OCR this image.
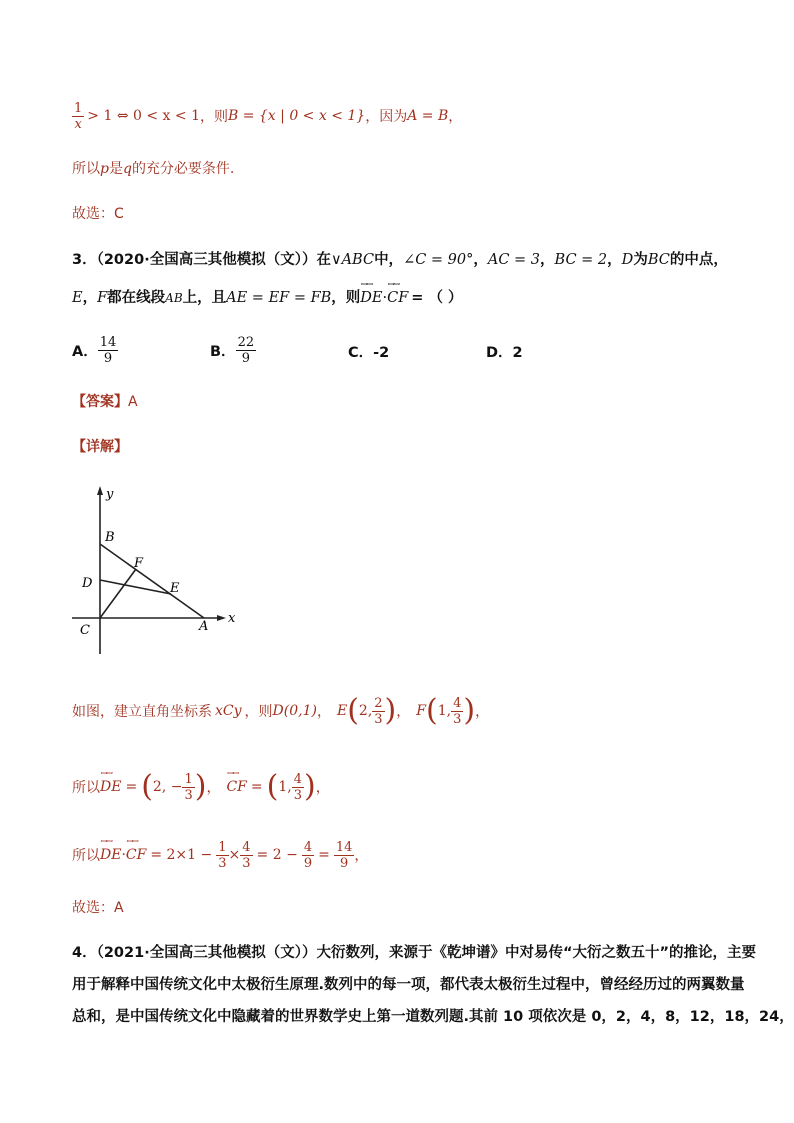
$\frac{1}{x} > 1$ ⇔ 0 < x < 1 ，则 B = {x | 0 < x < 1} ，因为 A = B ，
所以p是q的充分必要条件.
故选：C
3．（2020·全国高三其他模拟（文））在∨ABC中，∠C = 90°，AC = 3，BC = 2，D为BC的中点，
E，F都在线段AB上，且AE = EF = FB，则ꟷꟷ DE·ꟷꟷ CF = （ ）
A． $\frac{14}{9}$	B． $\frac{22}{9}$	C．-2	D．2
【答案】A
【详解】
y
x
B
F
D	E
C	A
如图，建立直角坐标系 xCy ，则 D(0,1) ， E ( 2, $\frac{2}{3}$ ) ， F ( 1, $\frac{4}{3}$ ) ，
所以 ꟷꟷ DE = ( 2, − $\frac{1}{3}$ ) ， ꟷꟷ CF = ( 1, $\frac{4}{3}$ ) ，
所以 ꟷꟷ DE · ꟷꟷ CF = $2\times 1 - \frac{1}{3} \times \frac{4}{3} = 2 - \frac{4}{9} = \frac{14}{9}$ ，
故选：A
4．（2021·全国高三其他模拟（文））大衍数列，来源于《乾坤谱》中对易传“大衍之数五十”的推论，主要
用于解释中国传统文化中太极衍生原理.数列中的每一项，都代表太极衍生过程中，曾经经历过的两翼数量
总和，是中国传统文化中隐藏着的世界数学史上第一道数列题.其前 10 项依次是 0，2，4，8，12，18，24，
